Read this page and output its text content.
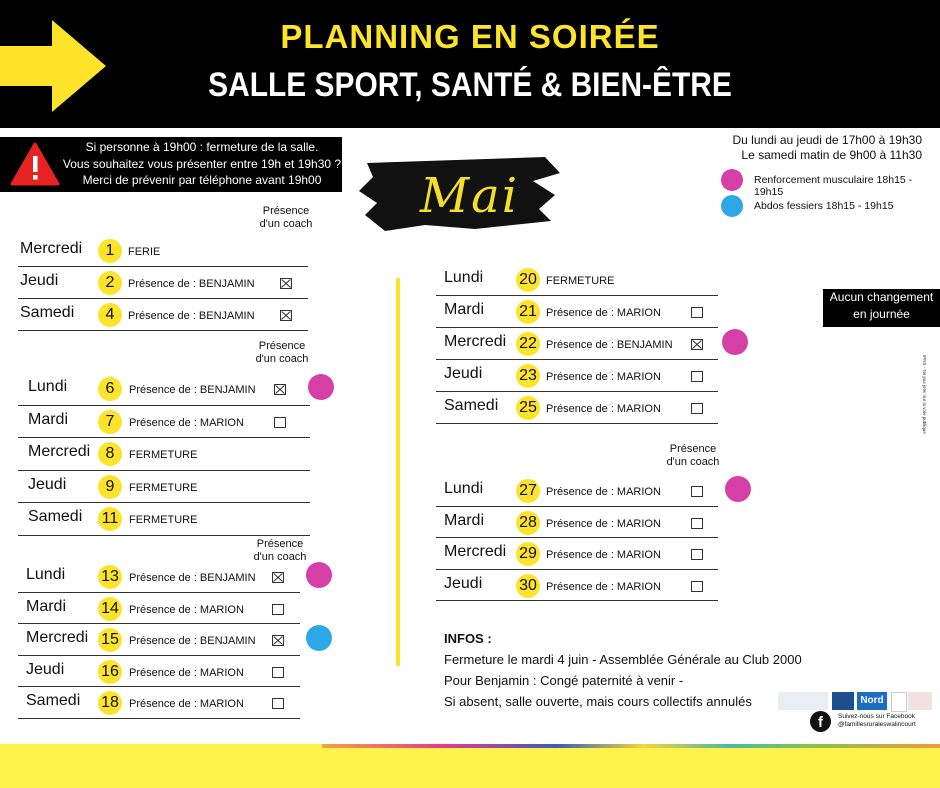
PLANNING EN SOIRÉE
SALLE SPORT, SANTÉ & BIEN-ÊTRE
Si personne à 19h00 : fermeture de la salle.
Vous souhaitez vous présenter entre 19h et 19h30 ?
Merci de prévenir par téléphone avant 19h00
Du lundi au jeudi de 17h00 à 19h30
Le samedi matin de 9h00 à 11h30
Renforcement musculaire 18h15 - 19h15
Abdos fessiers 18h15 - 19h15
Mai
Présence
d'un coach
Mercredi	1	FERIE
Jeudi	2	Présence de : BENJAMIN
Samedi	4	Présence de : BENJAMIN
Présence
d'un coach
Lundi	6	Présence de : BENJAMIN
Mardi	7	Présence de : MARION
Mercredi 8	FERMETURE
Jeudi	9	FERMETURE
Samedi 11 FERMETURE
Présence
d'un coach
Lundi 13 Présence de : BENJAMIN
Mardi 14 Présence de : MARION
Mercredi 15 Présence de : BENJAMIN
Jeudi 16 Présence de : MARION
Samedi 18 Présence de : MARION
Lundi 20 FERMETURE
Mardi 21 Présence de : MARION
Mercredi 22 Présence de : BENJAMIN
Jeudi 23 Présence de : MARION
Samedi 25 Présence de : MARION
Présence
d'un coach
Lundi 27 Présence de : MARION
Mardi 28 Présence de : MARION
Mercredi 29 Présence de : MARION
Jeudi 30 Présence de : MARION
Aucun changement
en journée
IPNS - Ne pas jeter sur la voie publique
INFOS :
Fermeture le mardi 4 juin - Assemblée Générale au Club 2000
Pour Benjamin : Congé paternité à venir -
Si absent, salle ouverte, mais cours collectifs annulés	Nord
f	Suivez-nous sur Facebook
@famillesruraleswalincourt
